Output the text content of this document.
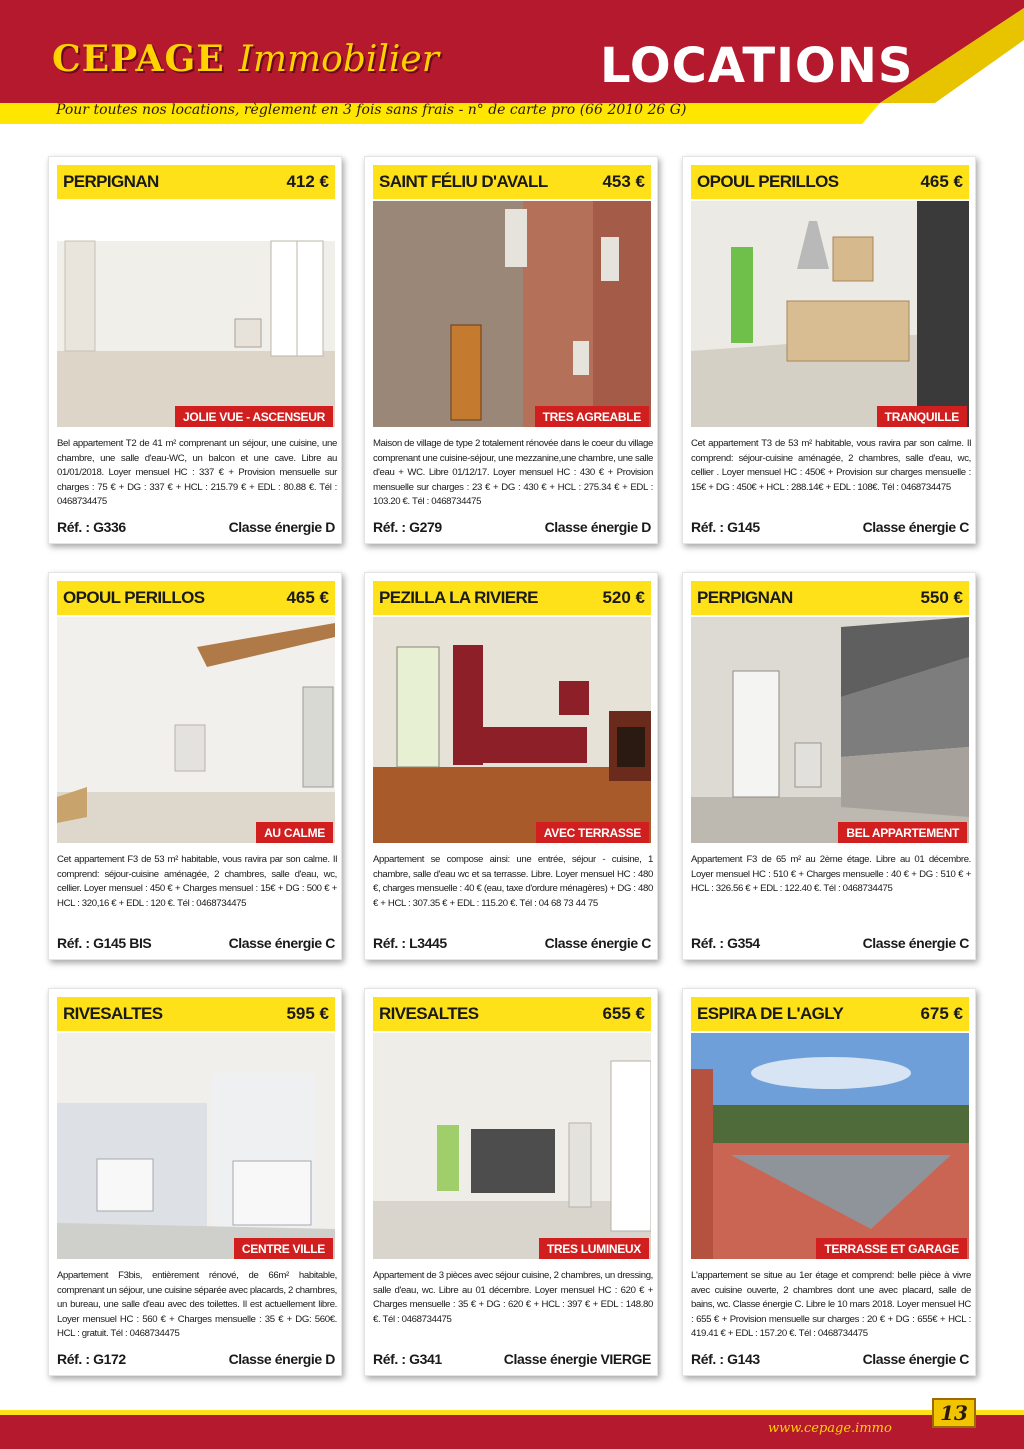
CEPAGE Immobilier	LOCATIONS
Pour toutes nos locations, règlement en 3 fois sans frais - n° de carte pro (66 2010 26 G)
PERPIGNAN	412 €
JOLIE VUE - ASCENSEUR
Bel appartement T2 de 41 m² comprenant un séjour, une cuisine, une chambre, une salle d'eau-WC, un balcon et une cave. Libre au 01/01/2018. Loyer mensuel HC : 337 € + Provision mensuelle sur charges : 75 € + DG : 337 € + HCL : 215.79 € + EDL : 80.88 €. Tél : 0468734475
Réf. : G336	Classe énergie D
SAINT FÉLIU D'AVALL	453 €
TRES AGREABLE
Maison de village de type 2 totalement rénovée dans le coeur du village comprenant une cuisine-séjour, une mezzanine,une chambre, une salle d'eau + WC. Libre 01/12/17. Loyer mensuel HC : 430 € + Provision mensuelle sur charges : 23 € + DG : 430 € + HCL : 275.34 € + EDL : 103.20 €. Tél : 0468734475
Réf. : G279	Classe énergie D
OPOUL PERILLOS	465 €
TRANQUILLE
Cet appartement T3 de 53 m² habitable, vous ravira par son calme. Il comprend: séjour-cuisine aménagée, 2 chambres, salle d'eau, wc, cellier . Loyer mensuel HC : 450€ + Provision sur charges mensuelle : 15€ + DG : 450€ + HCL : 288.14€ + EDL : 108€. Tél : 0468734475
Réf. : G145	Classe énergie C
OPOUL PERILLOS	465 €
AU CALME
Cet appartement F3 de 53 m² habitable, vous ravira par son calme. Il comprend: séjour-cuisine aménagée, 2 chambres, salle d'eau, wc, cellier. Loyer mensuel : 450 € + Charges mensuel : 15€ + DG : 500 € + HCL : 320,16 € + EDL : 120 €. Tél : 0468734475
Réf. : G145 BIS	Classe énergie C
PEZILLA LA RIVIERE	520 €
AVEC TERRASSE
Appartement se compose ainsi: une entrée, séjour - cuisine, 1 chambre, salle d'eau wc et sa terrasse. Libre. Loyer mensuel HC : 480 €, charges mensuelle : 40 € (eau, taxe d'ordure ménagères) + DG : 480 € + HCL : 307.35 € + EDL : 115.20 €. Tél : 04 68 73 44 75
Réf. : L3445	Classe énergie C
PERPIGNAN	550 €
BEL APPARTEMENT
Appartement F3 de 65 m² au 2ème étage. Libre au 01 décembre. Loyer mensuel HC : 510 € + Charges mensuelle : 40 € + DG : 510 € + HCL : 326.56 € + EDL : 122.40 €. Tél : 0468734475
Réf. : G354	Classe énergie C
RIVESALTES	595 €
CENTRE VILLE
Appartement F3bis, entièrement rénové, de 66m² habitable, comprenant un séjour, une cuisine séparée avec placards, 2 chambres, un bureau, une salle d'eau avec des toilettes. Il est actuellement libre. Loyer mensuel HC : 560 € + Charges mensuelle : 35 € + DG: 560€. HCL : gratuit. Tél : 0468734475
Réf. : G172	Classe énergie D
RIVESALTES	655 €
TRES LUMINEUX
Appartement de 3 pièces avec séjour cuisine, 2 chambres, un dressing, salle d'eau, wc. Libre au 01 décembre. Loyer mensuel HC : 620 € + Charges mensuelle : 35 € + DG : 620 € + HCL : 397 € + EDL : 148.80 €. Tél : 0468734475
Réf. : G341	Classe énergie VIERGE
ESPIRA DE L'AGLY	675 €
TERRASSE ET GARAGE
L'appartement se situe au 1er étage et comprend: belle pièce à vivre avec cuisine ouverte, 2 chambres dont une avec placard, salle de bains, wc. Classe énergie C. Libre le 10 mars 2018. Loyer mensuel HC : 655 € + Provision mensuelle sur charges : 20 € + DG : 655€ + HCL : 419.41 € + EDL : 157.20 €. Tél : 0468734475
Réf. : G143	Classe énergie C
www.cepage.immo
13
